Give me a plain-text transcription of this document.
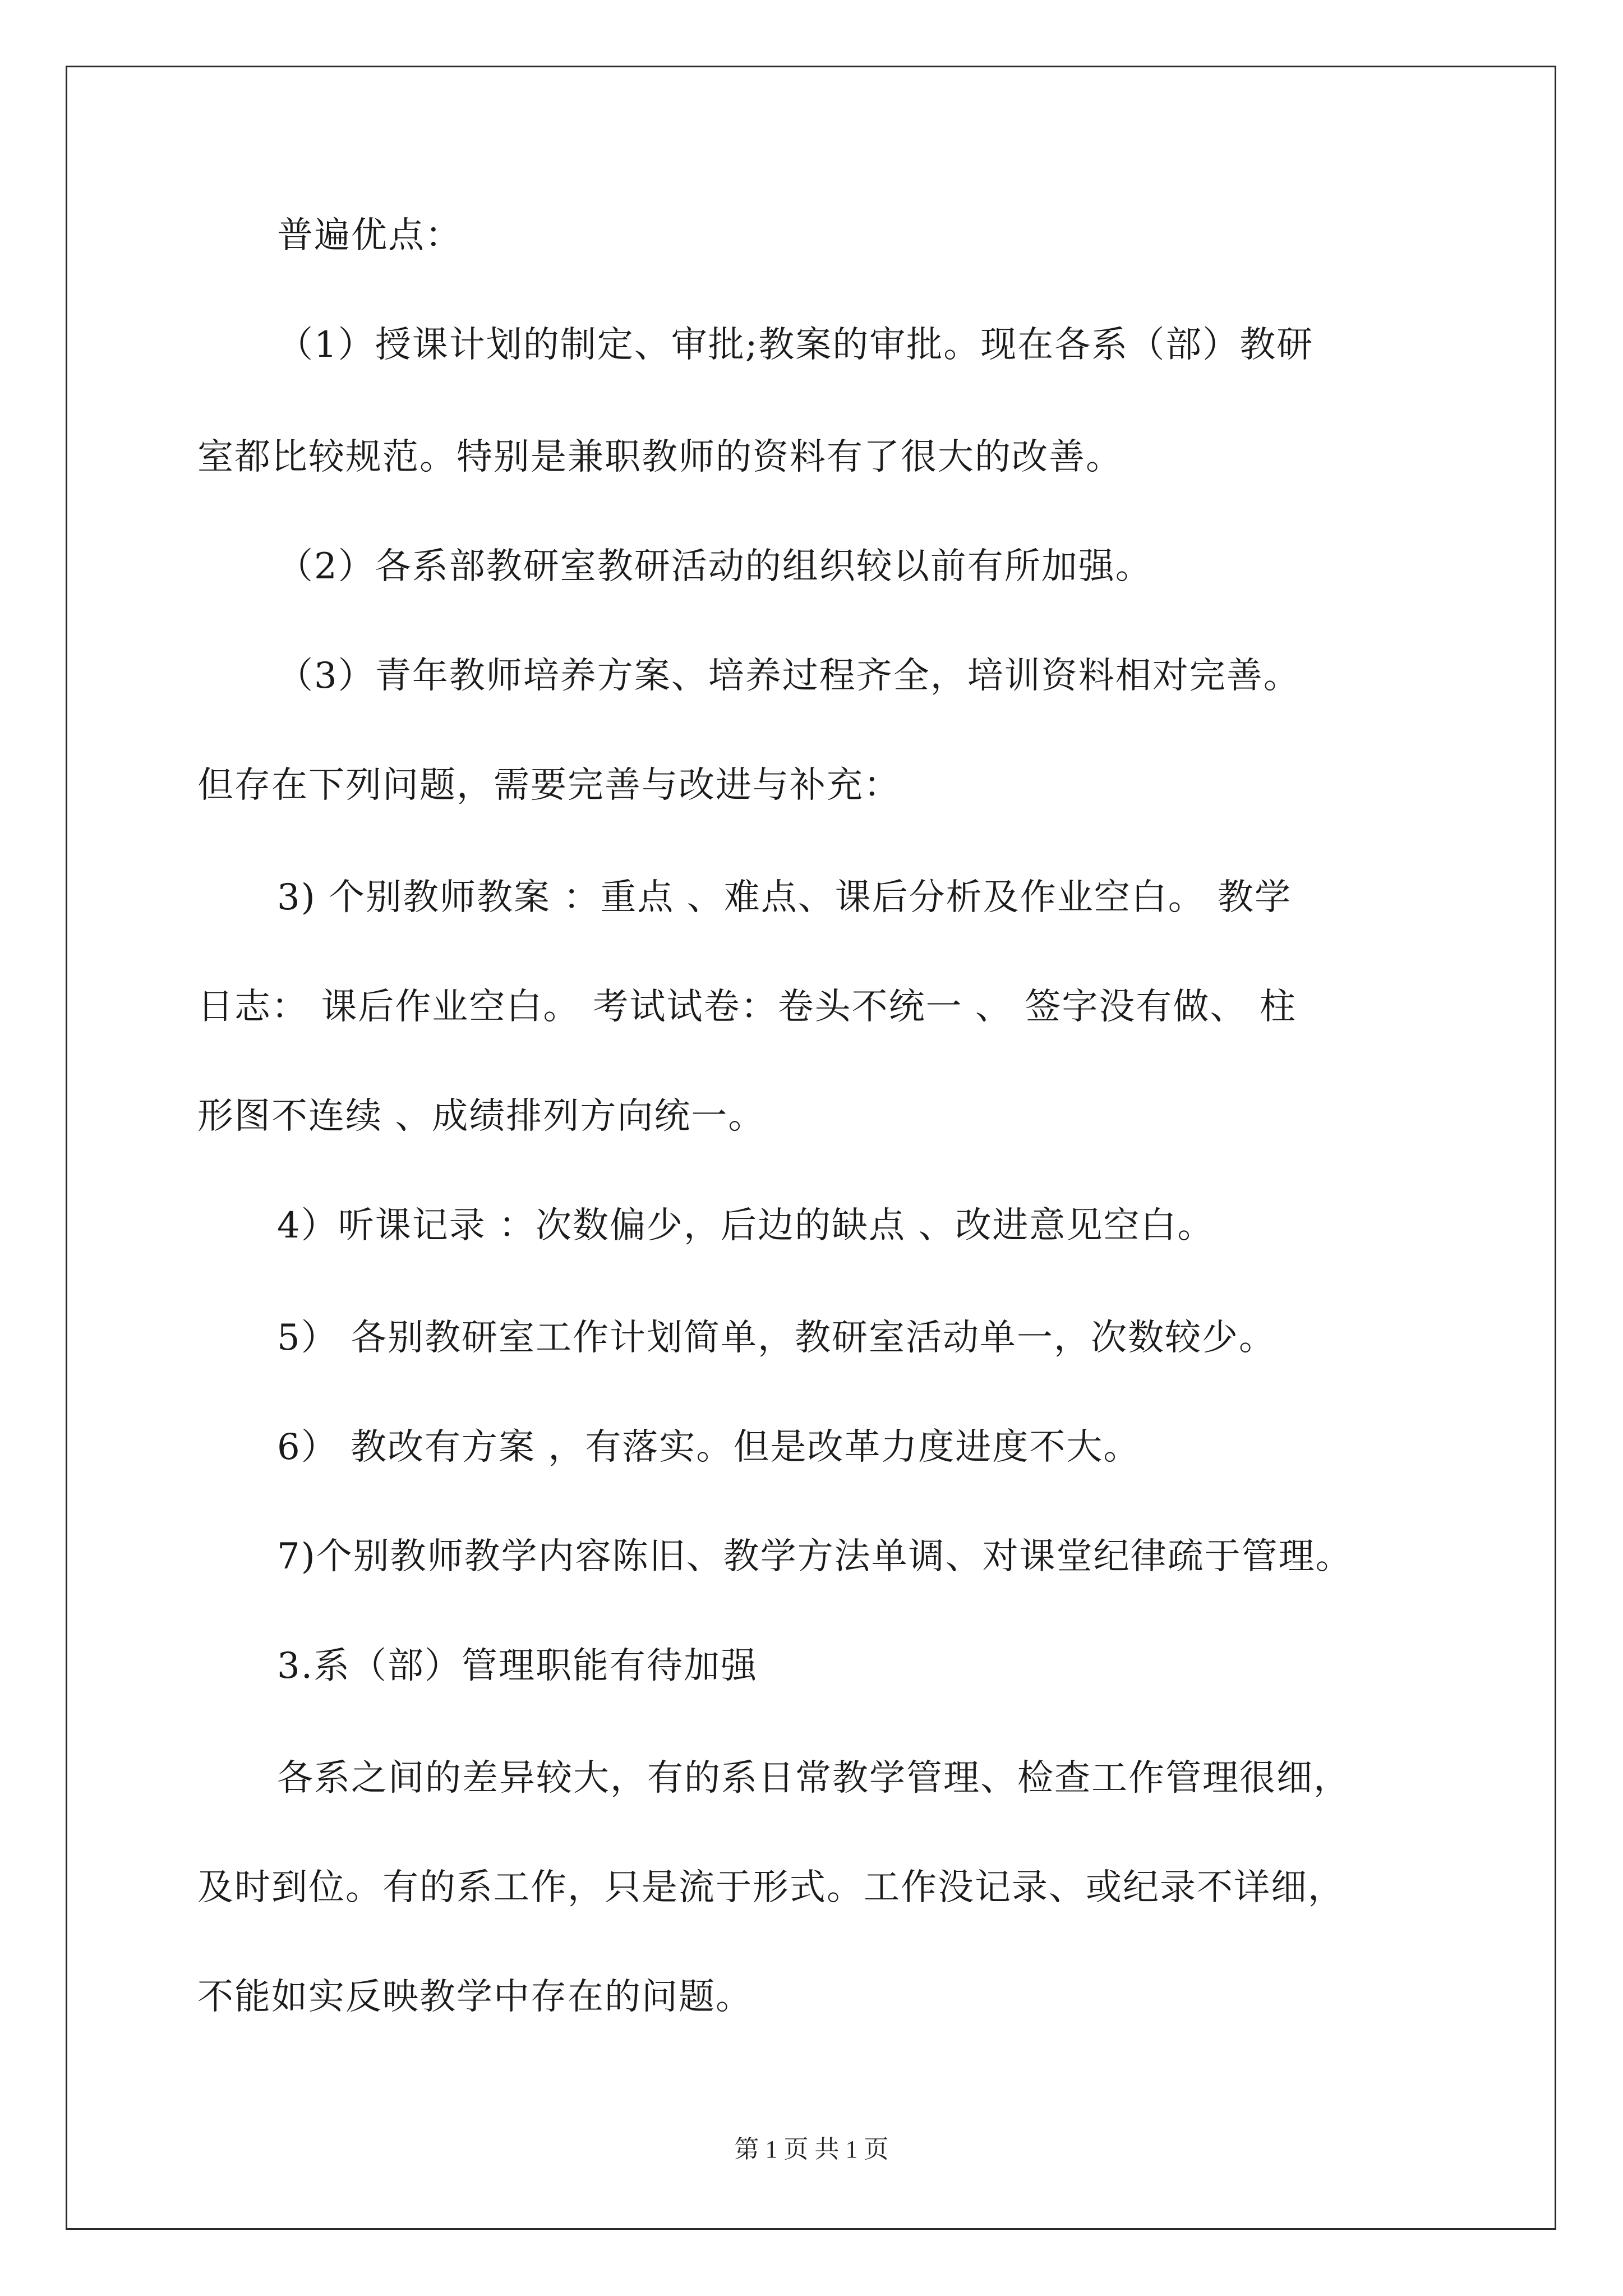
普遍优点：
（1）授课计划的制定、审批;教案的审批。现在各系（部）教研
室都比较规范。特别是兼职教师的资料有了很大的改善。
（2）各系部教研室教研活动的组织较以前有所加强。
（3）青年教师培养方案、培养过程齐全，培训资料相对完善。
但存在下列问题，需要完善与改进与补充：
3) 个别教师教案 ：重点 、难点、课后分析及作业空白。 教学
日志： 课后作业空白。 考试试卷：卷头不统一 、 签字没有做、 柱
形图不连续 、成绩排列方向统一。
4）听课记录 ：次数偏少，后边的缺点 、改进意见空白。
5） 各别教研室工作计划简单，教研室活动单一，次数较少。
6） 教改有方案 ，有落实。但是改革力度进度不大。
7)个别教师教学内容陈旧、教学方法单调、对课堂纪律疏于管理。
3.系（部）管理职能有待加强
各系之间的差异较大，有的系日常教学管理、检查工作管理很细，
及时到位。有的系工作，只是流于形式。工作没记录、或纪录不详细，
不能如实反映教学中存在的问题。
第 1 页 共 1 页
